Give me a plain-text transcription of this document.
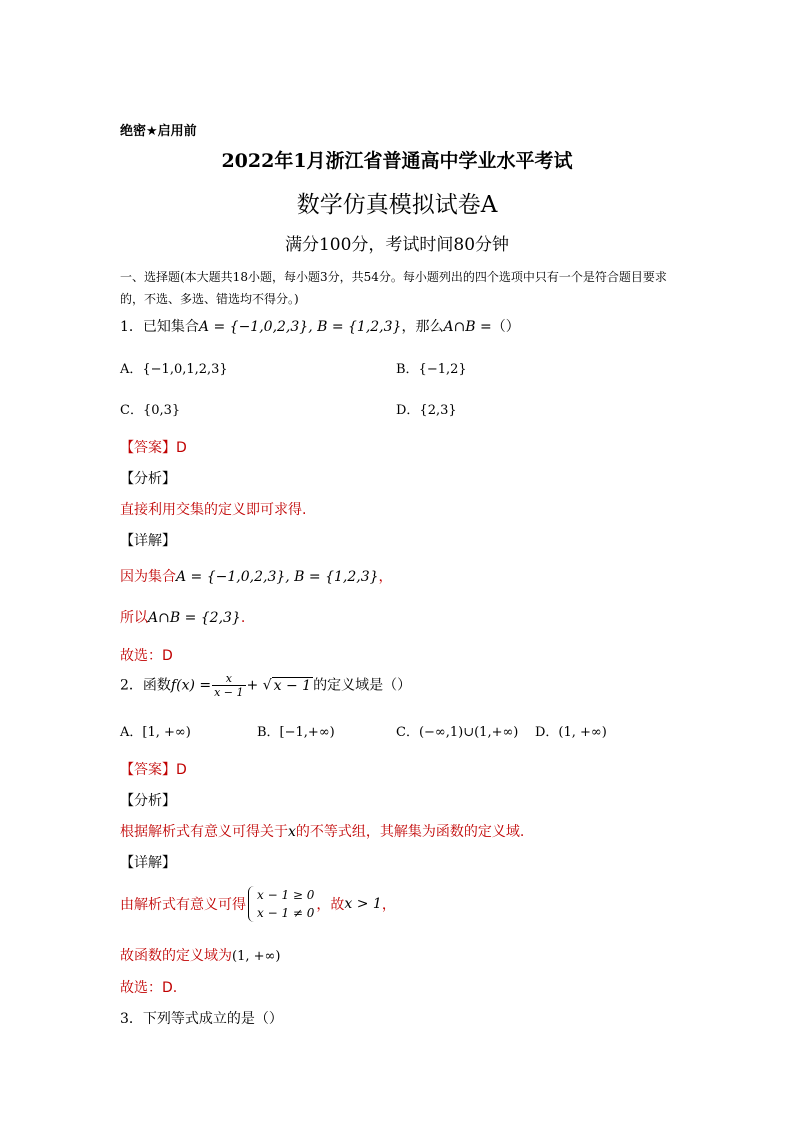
绝密★启用前
2022年1月浙江省普通高中学业水平考试
数学仿真模拟试卷A
满分100分，考试时间80分钟
一、选择题(本大题共18小题，每小题3分，共54分。每小题列出的四个选项中只有一个是符合题目要求的，不选、多选、错选均不得分。)
1．已知集合A = {−1,0,2,3}, B = {1,2,3}，那么A∩B =（）
A．{−1,0,1,2,3}	B．{−1,2}
C．{0,3}	D．{2,3}
【答案】D
【分析】
直接利用交集的定义即可求得.
【详解】
因为集合A = {−1,0,2,3}, B = {1,2,3}，
所以A∩B = {2,3}.
故选：D
2．函数$f(x) = \frac{x}{x - 1}$ + √ x − 1 的定义域是（）
A．[1, +∞)	B．[−1,+∞)	C．(−∞,1)∪(1,+∞) D．(1, +∞)
【答案】D
【分析】
根据解析式有意义可得关于x的不等式组，其解集为函数的定义域.
【详解】
由解析式有意义可得
x − 1 ≥ 0
x − 1 ≠ 0 ，故x > 1，
故函数的定义域为(1, +∞)
故选：D.
3．下列等式成立的是（）
